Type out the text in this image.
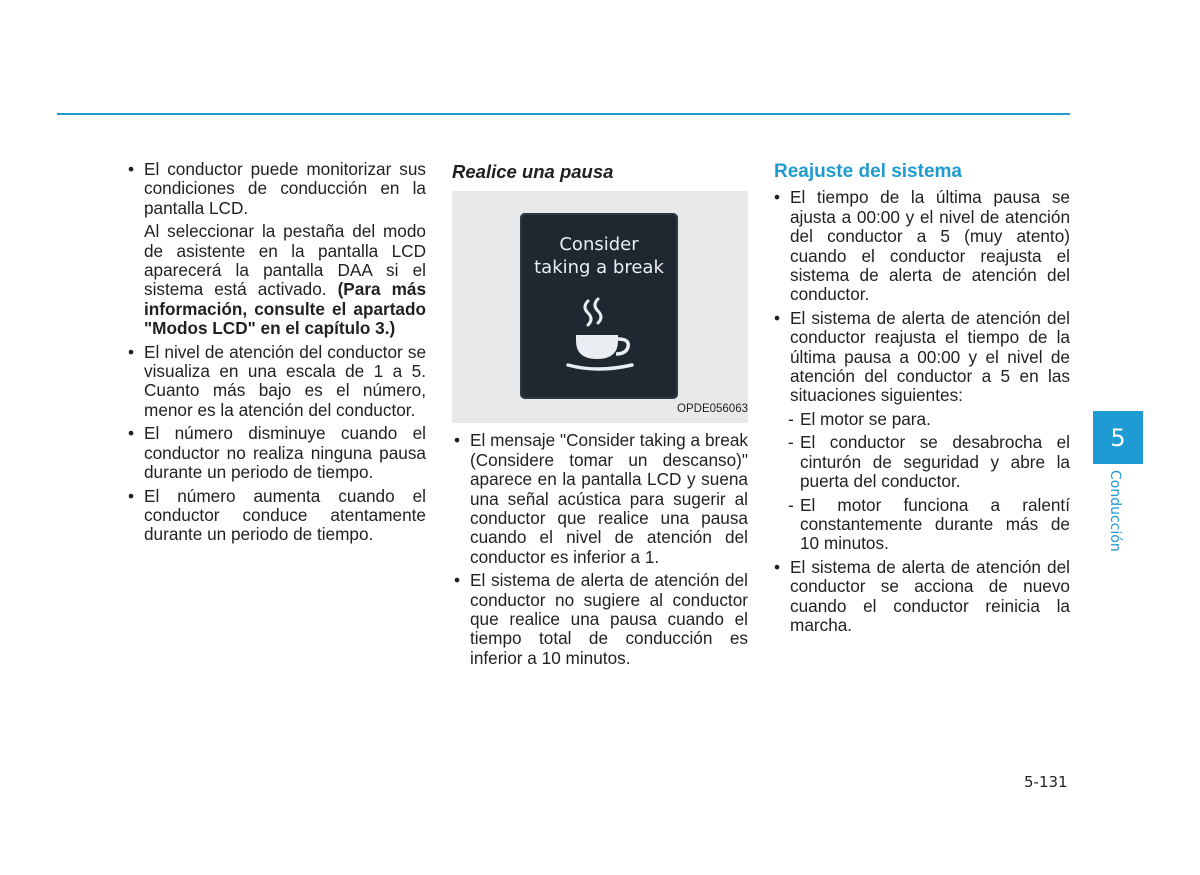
• El conductor puede monitorizar sus condiciones de conducción en la pantalla LCD.
Al seleccionar la pestaña del modo de asistente en la pantalla LCD aparecerá la pantalla DAA si el sistema está activado. (Para más información, consulte el apartado "Modos LCD" en el capítulo 3.)
• El nivel de atención del conductor se visualiza en una escala de 1 a 5. Cuanto más bajo es el número, menor es la atención del conductor.
• El número disminuye cuando el conductor no realiza ninguna pausa durante un periodo de tiempo.
• El número aumenta cuando el conductor conduce atentamente durante un periodo de tiempo.
Realice una pausa
Consider
taking a break
OPDE056063
• El mensaje "Consider taking a break (Considere tomar un descanso)" aparece en la pantalla LCD y suena una señal acústica para sugerir al conductor que realice una pausa cuando el nivel de atención del conductor es inferior a 1.
• El sistema de alerta de atención del conductor no sugiere al conductor que realice una pausa cuando el tiempo total de conducción es inferior a 10 minutos.
Reajuste del sistema
• El tiempo de la última pausa se ajusta a 00:00 y el nivel de atención del conductor a 5 (muy atento) cuando el conductor reajusta el sistema de alerta de atención del conductor.
• El sistema de alerta de atención del conductor reajusta el tiempo de la última pausa a 00:00 y el nivel de atención del conductor a 5 en las situaciones siguientes:
- El motor se para.
- El conductor se desabrocha el cinturón de seguridad y abre la puerta del conductor.
- El motor funciona a ralentí constantemente durante más de 10 minutos.
• El sistema de alerta de atención del conductor se acciona de nuevo cuando el conductor reinicia la marcha.
5
Conducción
5-131
